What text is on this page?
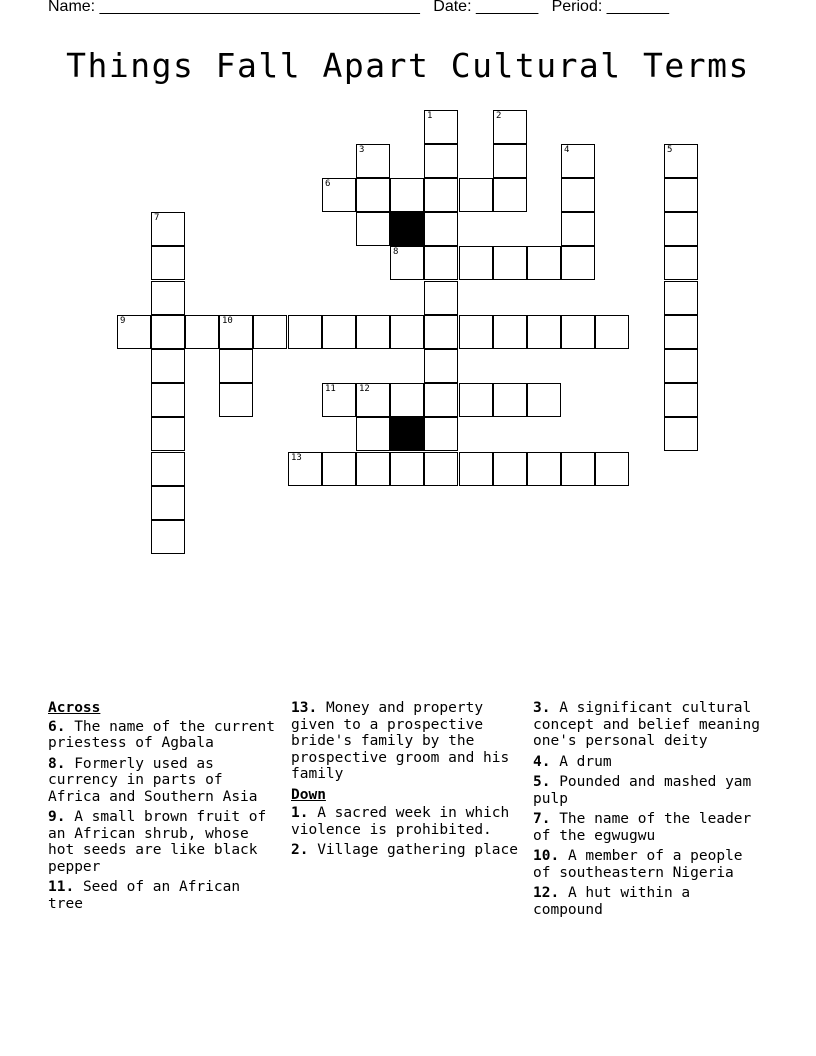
Name: ____________________________________ Date: _______ Period: _______
Things Fall Apart Cultural Terms
1	2
3	4	5
6
7
8
9	10
11	12
13
Across
6. The name of the current priestess of Agbala
8. Formerly used as currency in parts of Africa and Southern Asia
9. A small brown fruit of an African shrub, whose hot seeds are like black pepper
11. Seed of an African tree
13. Money and property given to a prospective bride's family by the prospective groom and his family
Down
1. A sacred week in which violence is prohibited.
2. Village gathering place
3. A significant cultural concept and belief meaning one's personal deity
4. A drum
5. Pounded and mashed yam pulp
7. The name of the leader of the egwugwu
10. A member of a people of southeastern Nigeria
12. A hut within a compound
